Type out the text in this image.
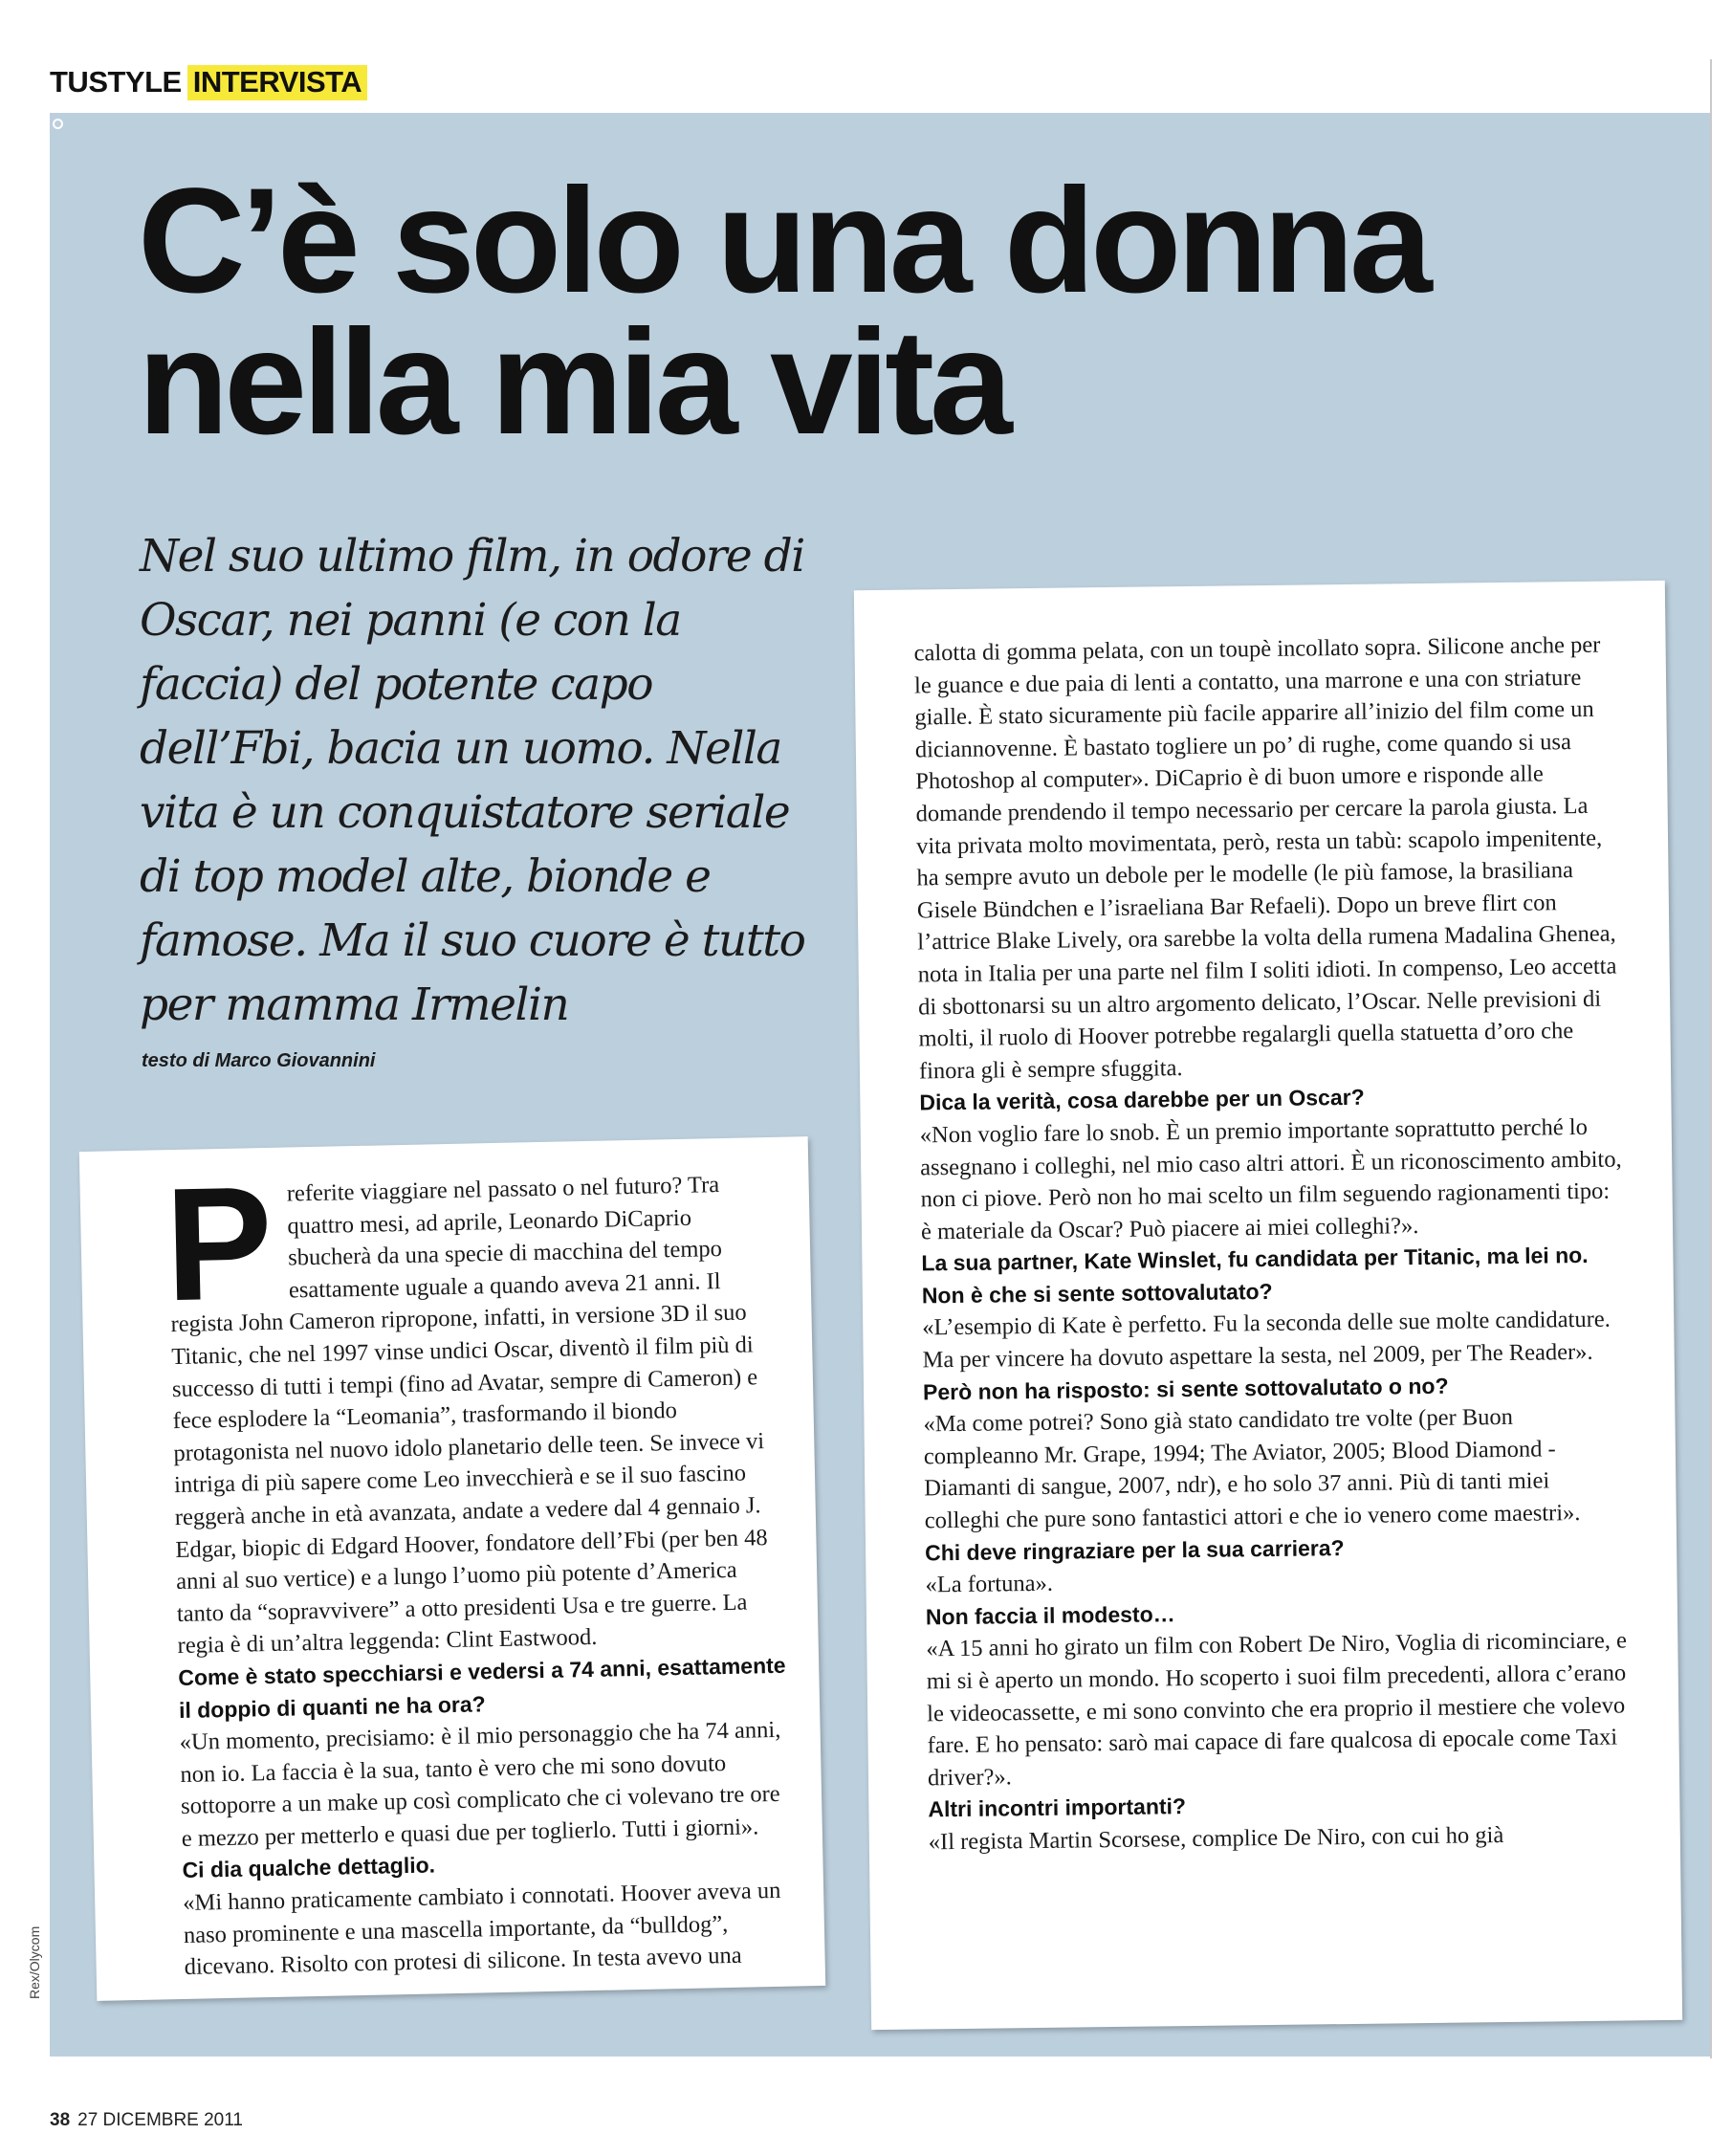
TUSTYLE INTERVISTA
C’è solo una donna
nella mia vita

Nel suo ultimo film, in odore di Oscar, nei panni (e con la faccia) del potente capo dell’Fbi, bacia un uomo. Nella vita è un conquistatore seriale di top model alte, bionde e famose. Ma il suo cuore è tutto per mamma Irmelin

testo di Marco Giovannini
P referite viaggiare nel passato o nel futuro? Tra quattro mesi, ad aprile, Leonardo DiCaprio sbucherà da una specie di macchina del tempo esattamente uguale a quando aveva 21 anni. Il regista John Cameron ripropone, infatti, in versione 3D il suo Titanic, che nel 1997 vinse undici Oscar, diventò il film più di successo di tutti i tempi (fino ad Avatar, sempre di Cameron) e fece esplodere la “Leomania”, trasformando il biondo protagonista nel nuovo idolo planetario delle teen. Se invece vi intriga di più sapere come Leo invecchierà e se il suo fascino reggerà anche in età avanzata, andate a vedere dal 4 gennaio J. Edgar, biopic di Edgard Hoover, fondatore dell’Fbi (per ben 48 anni al suo vertice) e a lungo l’uomo più potente d’America tanto da “sopravvivere” a otto presidenti Usa e tre guerre. La regia è di un’altra leggenda: Clint Eastwood.

Come è stato specchiarsi e vedersi a 74 anni, esattamente il doppio di quanti ne ha ora?

«Un momento, precisiamo: è il mio personaggio che ha 74 anni, non io. La faccia è la sua, tanto è vero che mi sono dovuto sottoporre a un make up così complicato che ci volevano tre ore e mezzo per metterlo e quasi due per toglierlo. Tutti i giorni».

Ci dia qualche dettaglio.

«Mi hanno praticamente cambiato i connotati. Hoover aveva un naso prominente e una mascella importante, da “bulldog”, dicevano. Risolto con protesi di silicone. In testa avevo una

calotta di gomma pelata, con un toupè incollato sopra. Silicone anche per le guance e due paia di lenti a contatto, una marrone e una con striature gialle. È stato sicuramente più facile apparire all’inizio del film come un diciannovenne. È bastato togliere un po’ di rughe, come quando si usa Photoshop al computer». DiCaprio è di buon umore e risponde alle domande prendendo il tempo necessario per cercare la parola giusta. La vita privata molto movimentata, però, resta un tabù: scapolo impenitente, ha sempre avuto un debole per le modelle (le più famose, la brasiliana Gisele Bündchen e l’israeliana Bar Refaeli). Dopo un breve flirt con l’attrice Blake Lively, ora sarebbe la volta della rumena Madalina Ghenea, nota in Italia per una parte nel film I soliti idioti. In compenso, Leo accetta di sbottonarsi su un altro argomento delicato, l’Oscar. Nelle previsioni di molti, il ruolo di Hoover potrebbe regalargli quella statuetta d’oro che finora gli è sempre sfuggita.

Dica la verità, cosa darebbe per un Oscar?

«Non voglio fare lo snob. È un premio importante soprattutto perché lo assegnano i colleghi, nel mio caso altri attori. È un riconoscimento ambito, non ci piove. Però non ho mai scelto un film seguendo ragionamenti tipo: è materiale da Oscar? Può piacere ai miei colleghi?».

La sua partner, Kate Winslet, fu candidata per Titanic, ma lei no. Non è che si sente sottovalutato?

«L’esempio di Kate è perfetto. Fu la seconda delle sue molte candidature. Ma per vincere ha dovuto aspettare la sesta, nel 2009, per The Reader».

Però non ha risposto: si sente sottovalutato o no?

«Ma come potrei? Sono già stato candidato tre volte (per Buon compleanno Mr. Grape, 1994; The Aviator, 2005; Blood Diamond - Diamanti di sangue, 2007, ndr), e ho solo 37 anni. Più di tanti miei colleghi che pure sono fantastici attori e che io venero come maestri».

Chi deve ringraziare per la sua carriera?

«La fortuna».

Non faccia il modesto…

«A 15 anni ho girato un film con Robert De Niro, Voglia di ricominciare, e mi si è aperto un mondo. Ho scoperto i suoi film precedenti, allora c’erano le videocassette, e mi sono convinto che era proprio il mestiere che volevo fare. E ho pensato: sarò mai capace di fare qualcosa di epocale come Taxi driver?».

Altri incontri importanti?

«Il regista Martin Scorsese, complice De Niro, con cui ho già

Rex/Olycom
38 27 DICEMBRE 2011
